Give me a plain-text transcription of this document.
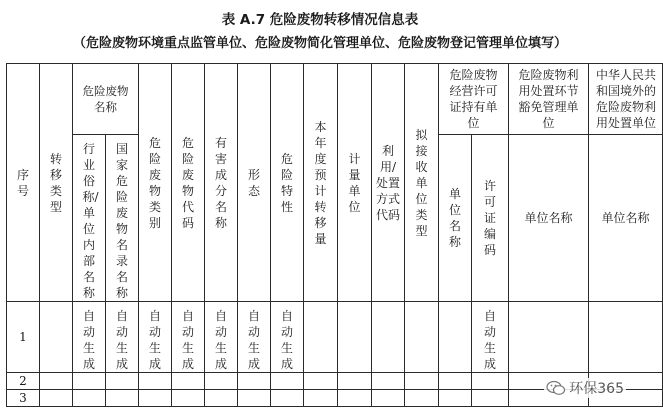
表 A.7 危险废物转移情况信息表
（危险废物环境重点监管单位、危险废物简化管理单位、危险废物登记管理单位填写）
序号	转移类型	危险废物名称		危险废物类别	危险废物代码	有害成分名称	形态	危险特性	本年度预计转移量	计量单位	利用/处置方式代码	拟接收单位类型	危险废物经营许可证持有单位		危险废物利用处置环节豁免管理单位	中华人民共和国境外的危险废物利用处置单位

		行业俗称/单位内部名称	国家危险废物名录名称										单位名称	许可证编码	单位名称	单位名称
1		自动生成	自动生成	自动生成	自动生成	自动生成	自动生成	自动生成						自动生成		
2																
3																
环保365
